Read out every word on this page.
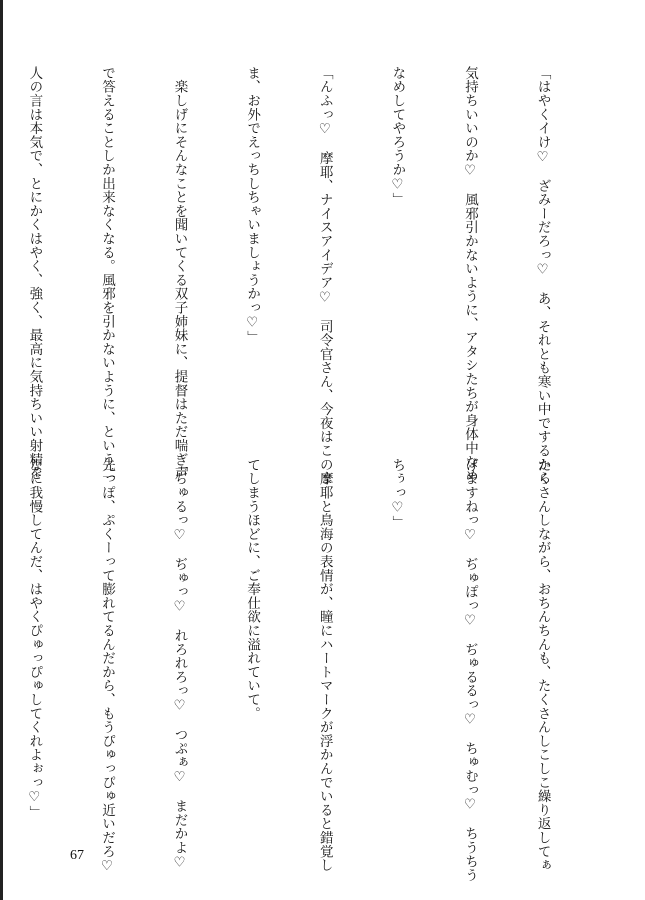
「はやくイけ♡　ざみーだろっ♡　あ、それとも寒い中でするから

気持ちいいのか♡　風邪引かないように、アタシたちが身体中なめ

なめしてやろうか♡」

「んふっ♡　摩耶、ナイスアイデア♡　司令官さん、今夜はこのま

ま、お外でえっちしちゃいましょうかっ♡」

　楽しげにそんなことを聞いてくる双子姉妹に、提督はただ喘ぎ声

で答えることしか出来なくなる。風邪を引かないように、という二

人の言は本気で、とにかくはやく、強く、最高に気持ちいい射精を

たくさんしながら、おちんちんも、たくさんしこしこ繰り返してぁ

げますねっ♡　ぢゅぽっ♡　ぢゅるるっ♡　ちゅむっ♡　ちうちう

ちぅっ♡」

　摩耶と鳥海の表情が、瞳にハートマークが浮かんでいると錯覚し

てしまうほどに、ご奉仕欲に溢れていて。

「ぢゅるっ♡　ぢゅっ♡　れろれろっ♡　つぷぁ♡　まだかよ♡

先っぽ、ぷくーって膨れてるんだから、もうぴゅっぴゅ近いだろ♡

なに我慢してんだ、はやくぴゅっぴゅしてくれよぉっ♡」

67
